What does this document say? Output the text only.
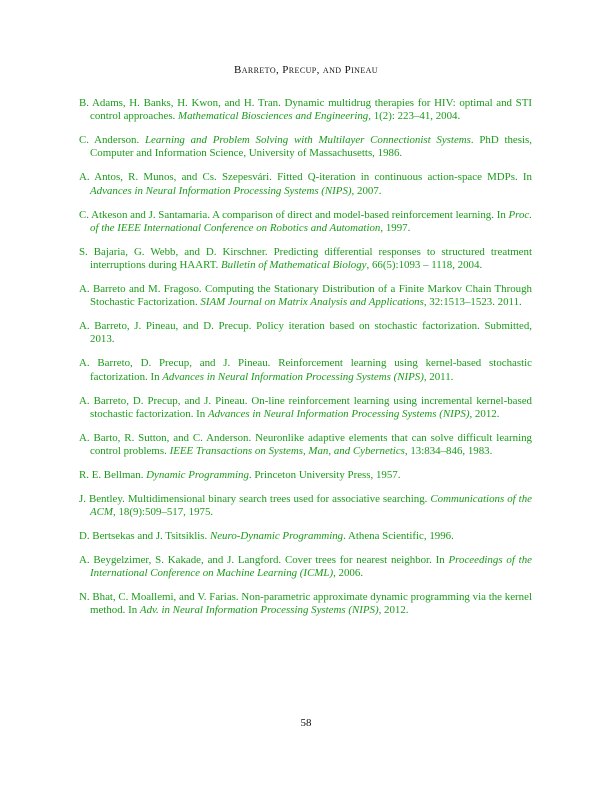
Barreto, Precup, and Pineau
B. Adams, H. Banks, H. Kwon, and H. Tran. Dynamic multidrug therapies for HIV: optimal and STI control approaches. Mathematical Biosciences and Engineering, 1(2): 223–41, 2004.
C. Anderson. Learning and Problem Solving with Multilayer Connectionist Systems. PhD thesis, Computer and Information Science, University of Massachusetts, 1986.
A. Antos, R. Munos, and Cs. Szepesvári. Fitted Q-iteration in continuous action-space MDPs. In Advances in Neural Information Processing Systems (NIPS), 2007.
C. Atkeson and J. Santamaria. A comparison of direct and model-based reinforcement learning. In Proc. of the IEEE International Conference on Robotics and Automation, 1997.
S. Bajaria, G. Webb, and D. Kirschner. Predicting differential responses to structured treatment interruptions during HAART. Bulletin of Mathematical Biology, 66(5):1093 – 1118, 2004.
A. Barreto and M. Fragoso. Computing the Stationary Distribution of a Finite Markov Chain Through Stochastic Factorization. SIAM Journal on Matrix Analysis and Applications, 32:1513–1523. 2011.
A. Barreto, J. Pineau, and D. Precup. Policy iteration based on stochastic factorization. Submitted, 2013.
A. Barreto, D. Precup, and J. Pineau. Reinforcement learning using kernel-based stochastic factorization. In Advances in Neural Information Processing Systems (NIPS), 2011.
A. Barreto, D. Precup, and J. Pineau. On-line reinforcement learning using incremental kernel-based stochastic factorization. In Advances in Neural Information Processing Systems (NIPS), 2012.
A. Barto, R. Sutton, and C. Anderson. Neuronlike adaptive elements that can solve difficult learning control problems. IEEE Transactions on Systems, Man, and Cybernetics, 13:834–846, 1983.
R. E. Bellman. Dynamic Programming. Princeton University Press, 1957.
J. Bentley. Multidimensional binary search trees used for associative searching. Communications of the ACM, 18(9):509–517, 1975.
D. Bertsekas and J. Tsitsiklis. Neuro-Dynamic Programming. Athena Scientific, 1996.
A. Beygelzimer, S. Kakade, and J. Langford. Cover trees for nearest neighbor. In Proceedings of the International Conference on Machine Learning (ICML), 2006.
N. Bhat, C. Moallemi, and V. Farias. Non-parametric approximate dynamic programming via the kernel method. In Adv. in Neural Information Processing Systems (NIPS), 2012.
58
